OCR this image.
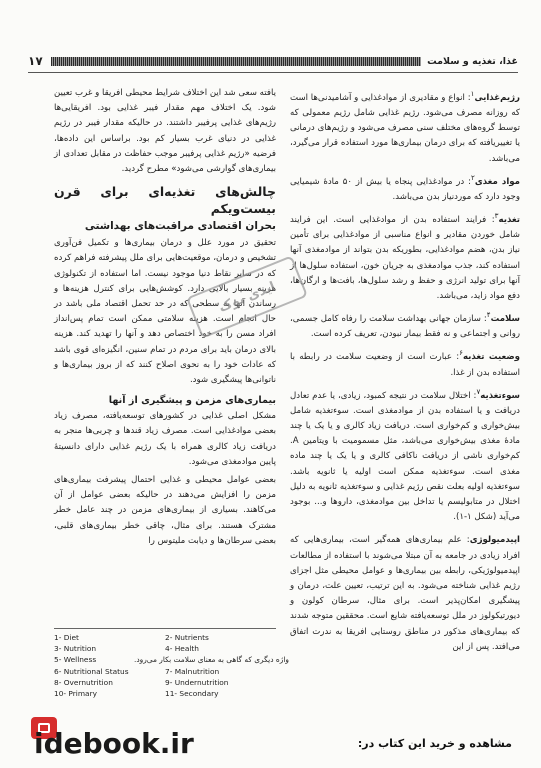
غذا، تغذیه و سلامت
۱۷

رژیم‌غذایی$^۱$: انواع و مقادیری از موادغذایی و آشامیدنی‌ها است که روزانه مصرف می‌شود. رژیم غذایی شامل رژیم معمولی که توسط گروه‌های مختلف سنی مصرف می‌شود و رژیم‌های درمانی یا تغییریافته که برای درمان بیماری‌ها مورد استفاده قرار می‌گیرد، می‌باشد.

مواد مغذی$^۲$: در موادغذایی پنجاه یا بیش از ۵۰ مادهٔ شیمیایی وجود دارد که موردنیاز بدن می‌باشد.

تغذیه$^۳$: فرایند استفاده بدن از موادغذایی است. این فرایند شامل خوردن مقادیر و انواع مناسبی از موادغذایی برای تأمین نیاز بدن، هضم موادغذایی، بطوریکه بدن بتواند از موادمغذی آنها استفاده کند، جذب موادمغذی به جریان خون، استفاده سلول‌ها از آنها برای تولید انرژی و حفظ و رشد سلول‌ها، بافت‌ها و ارگان‌ها، دفع مواد زاید، می‌باشد.

سلامت$^۴$: سازمان جهانی بهداشت سلامت را رفاه کامل جسمی، روانی و اجتماعی و نه فقط بیمار نبودن، تعریف کرده است.

وضعیت تغذیه$^۶$: عبارت است از وضعیت سلامت در رابطه با استفاده بدن از غذا.

سوءتغذیه$^۷$: اختلال سلامت در نتیجه کمبود، زیادی، یا عدم تعادل دریافت و یا استفاده بدن از موادمغذی است. سوءتغذیه شامل بیش‌خواری و کم‌خواری است. دریافت زیاد کالری و یا یک یا چند مادهٔ مغذی بیش‌خواری می‌باشد، مثل مسمومیت با ویتامین A. کم‌خواری ناشی از دریافت ناکافی کالری و یا یک یا چند ماده مغذی است. سوءتغذیه ممکن است اولیه یا ثانویه باشد. سوءتغذیه اولیه بعلت نقص رژیم غذایی و سوءتغذیه ثانویه به دلیل اختلال در متابولیسم یا تداخل بین موادمغذی، داروها و... بوجود می‌آید (شکل ۱-۱).

اپیدمیولوژی: علم بیماری‌های همه‌گیر است، بیماری‌هایی که افراد زیادی در جامعه به آن مبتلا می‌شوند با استفاده از مطالعات اپیدمیولوژیکی، رابطه بین بیماری‌ها و عوامل محیطی مثل اجزای رژیم غذایی شناخته می‌شود. به این ترتیب، تعیین علت، درمان و پیشگیری امکان‌پذیر است. برای مثال، سرطان کولون و دیورتیکولوز در ملل توسعه‌یافته شایع است. محققین متوجه شدند که بیماری‌های مذکور در مناطق روستایی افریقا به ندرت اتفاق می‌افتد. پس از این

یافته سعی شد این اختلاف شرایط محیطی افریقا و غرب تعیین شود. یک اختلاف مهم مقدار فیبر غذایی بود. افریقایی‌ها رژیم‌های غذایی پرفیبر داشتند. در حالیکه مقدار فیبر در رژیم غذایی در دنیای غرب بسیار کم بود. براساس این داده‌ها، فرضیه «رژیم غذایی پرفیبر موجب حفاظت در مقابل تعدادی از بیماری‌های گوارشی می‌شود» مطرح گردید.

چالش‌های تغذیه‌ای برای قرن بیست‌ویکم
بحران اقتصادی مراقبت‌های بهداشتی

تحقیق در مورد علل و درمان بیماری‌ها و تکمیل فن‌آوری تشخیص و درمان، موقعیت‌هایی برای ملل پیشرفته فراهم کرده که در سایر نقاط دنیا موجود نیست. اما استفاده از تکنولوژی هزینه بسیار بالایی دارد. کوشش‌هایی برای کنترل هزینه‌ها و رساندن آنها به سطحی که در حد تحمل اقتصاد ملی باشد در حال انجام است. هزینه سلامتی ممکن است تمام پس‌انداز افراد مسن را به خود اختصاص دهد و آنها را تهدید کند. هزینه بالای درمان باید برای مردم در تمام سنین، انگیزه‌ای قوی باشد که عادات خود را به نحوی اصلاح کنند که از بروز بیماری‌ها و ناتوانی‌ها پیشگیری شود.

بیماری‌های مزمن و پیشگیری از آنها

مشکل اصلی غذایی در کشورهای توسعه‌یافته، مصرف زیاد بعضی موادغذایی است. مصرف زیاد قندها و چربی‌ها منجر به دریافت زیاد کالری همراه با یک رژیم غذایی دارای دانسیتهٔ پایین موادمغذی می‌شود.

بعضی عوامل محیطی و غذایی احتمال پیشرفت بیماری‌های مزمن را افزایش می‌دهند در حالیکه بعضی عوامل از آن می‌کاهند. بسیاری از بیماری‌های مزمن در چند عامل خطر مشترک هستند. برای مثال، چاقی خطر بیماری‌های قلبی، بعضی سرطان‌ها و دیابت ملیتوس را

ایدی بوک
1- Diet	2- Nutrients
3- Nutrition	4- Health
5- Wellness	واژه دیگری که گاهی به معنای سلامت بکار می‌رود.
6- Nutritional Status	7- Malnutrition
8- Overnutrition	9- Undernutrition
10- Primary	11- Secondary
idebook.ir	مشاهده و خرید این کتاب در:
